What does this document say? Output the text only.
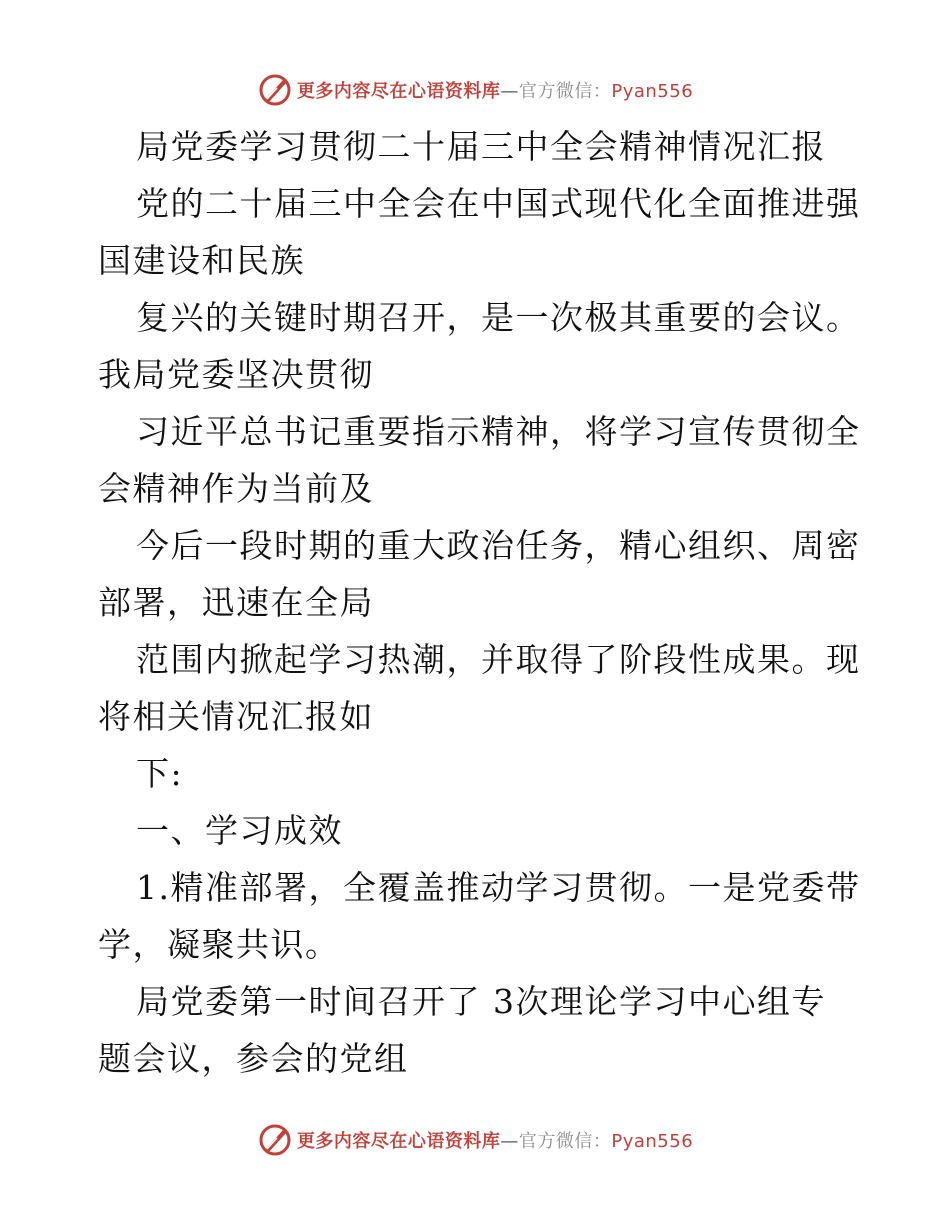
更多内容尽在心语资料库—官方微信：Pyan556
局党委学习贯彻二十届三中全会精神情况汇报
党的二十届三中全会在中国式现代化全面推进强
国建设和民族
复兴的关键时期召开，是一次极其重要的会议。
我局党委坚决贯彻
习近平总书记重要指示精神，将学习宣传贯彻全
会精神作为当前及
今后一段时期的重大政治任务，精心组织、周密
部署，迅速在全局
范围内掀起学习热潮，并取得了阶段性成果。现
将相关情况汇报如
下:
一、学习成效
1.精准部署，全覆盖推动学习贯彻。一是党委带
学，凝聚共识。
局党委第一时间召开了 3次理论学习中心组专
题会议，参会的党组
更多内容尽在心语资料库—官方微信：Pyan556
